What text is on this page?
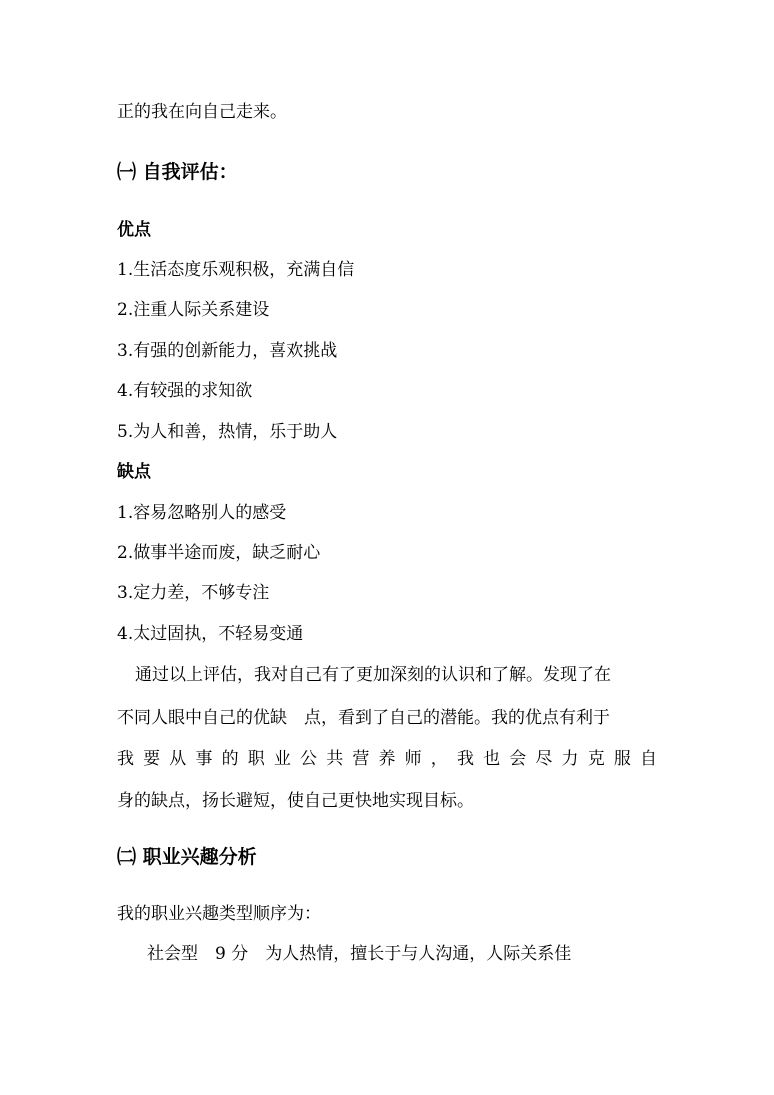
正的我在向自己走来。
㈠ 自我评估：
优点
1.生活态度乐观积极，充满自信
2.注重人际关系建设
3.有强的创新能力，喜欢挑战
4.有较强的求知欲
5.为人和善，热情，乐于助人
缺点
1.容易忽略别人的感受
2.做事半途而废，缺乏耐心
3.定力差，不够专注
4.太过固执，不轻易变通
通过以上评估，我对自己有了更加深刻的认识和了解。发现了在
不同人眼中自己的优缺　点，看到了自己的潜能。我的优点有利于
我要从事的职业公共营养师，我也会尽力克服自
身的缺点，扬长避短，使自己更快地实现目标。
㈡ 职业兴趣分析
我的职业兴趣类型顺序为：
社会型　9 分　为人热情，擅长于与人沟通，人际关系佳
